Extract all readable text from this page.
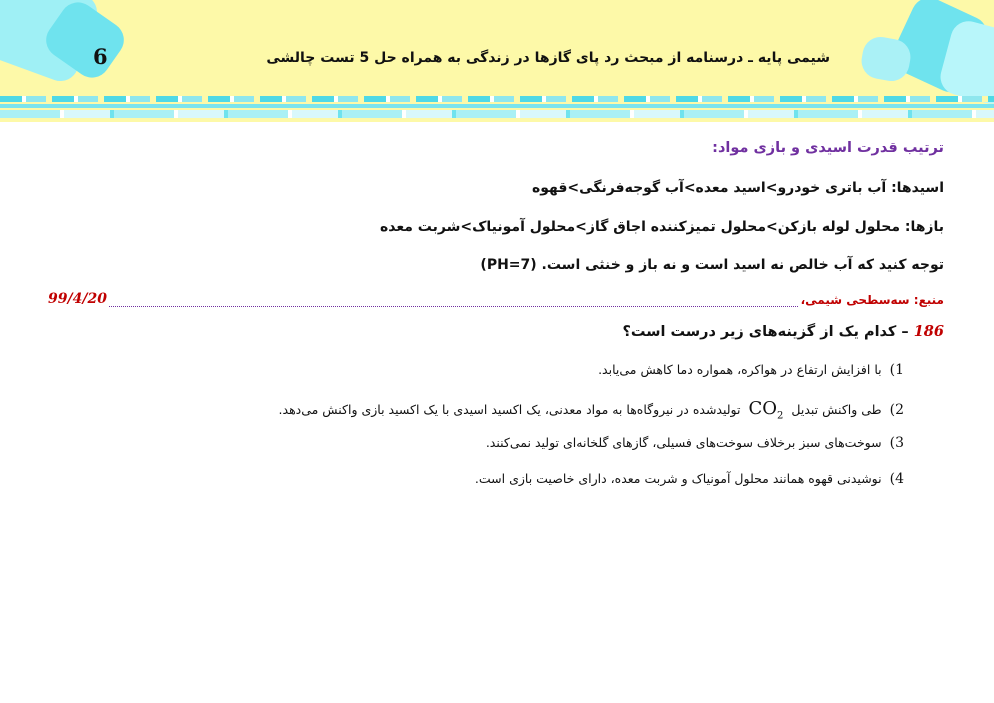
6	شیمی پایه ـ درسنامه از مبحث رد پای گازها در زندگی به همراه حل 5 تست چالشی
ترتیب قدرت اسیدی و بازی مواد:
اسیدها: آب باتری خودرو>اسید معده>آب گوجه‌فرنگی>قهوه
بازها: محلول لوله بازکن>محلول تمیزکننده اجاق گاز>محلول آمونیاک>شربت معده
توجه کنید که آب خالص نه اسید است و نه باز و خنثی است. (PH=7)
منبع: سه‌سطحی شیمی،
99/4/20
186 – کدام یک از گزینه‌های زیر درست است؟
1) با افزایش ارتفاع در هواکره، همواره دما کاهش می‌یابد.
2) طی واکنش تبدیل $CO_2$ تولیدشده در نیروگاه‌ها به مواد معدنی، یک اکسید اسیدی با یک اکسید بازی واکنش می‌دهد.
3) سوخت‌های سبز برخلاف سوخت‌های فسیلی، گازهای گلخانه‌ای تولید نمی‌کنند.
4) نوشیدنی قهوه همانند محلول آمونیاک و شربت معده، دارای خاصیت بازی است.
